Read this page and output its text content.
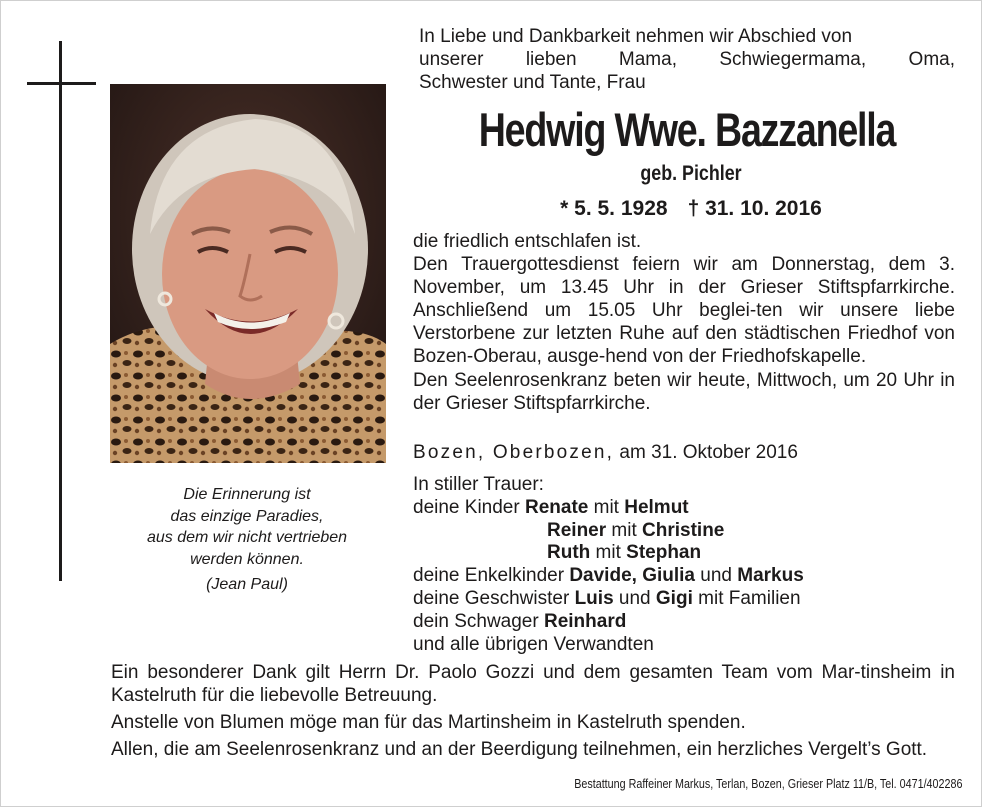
Die Erinnerung ist
das einzige Paradies,
aus dem wir nicht vertrieben
werden können.
(Jean Paul)
In Liebe und Dankbarkeit nehmen wir Abschied von
unserer lieben Mama, Schwiegermama, Oma,
Schwester und Tante, Frau
Hedwig Wwe. Bazzanella
geb. Pichler
* 5. 5. 1928 † 31. 10. 2016
die friedlich entschlafen ist.
Den Trauergottesdienst feiern wir am Donnerstag, dem 3. November, um 13.45 Uhr in der Grieser Stiftspfarrkirche. Anschließend um 15.05 Uhr beglei-ten wir unsere liebe Verstorbene zur letzten Ruhe auf den städtischen Friedhof von Bozen-Oberau, ausge-hend von der Friedhofskapelle.
Den Seelenrosenkranz beten wir heute, Mittwoch, um 20 Uhr in der Grieser Stiftspfarrkirche.
Bozen, Oberbozen, am 31. Oktober 2016
In stiller Trauer:
deine Kinder Renate mit Helmut
Reiner mit Christine
Ruth mit Stephan
deine Enkelkinder Davide, Giulia und Markus
deine Geschwister Luis und Gigi mit Familien
dein Schwager Reinhard
und alle übrigen Verwandten
Ein besonderer Dank gilt Herrn Dr. Paolo Gozzi und dem gesamten Team vom Mar-tinsheim in Kastelruth für die liebevolle Betreuung.
Anstelle von Blumen möge man für das Martinsheim in Kastelruth spenden.
Allen, die am Seelenrosenkranz und an der Beerdigung teilnehmen, ein herzliches Vergelt’s Gott.
Bestattung Raffeiner Markus, Terlan, Bozen, Grieser Platz 11/B, Tel. 0471/402286
